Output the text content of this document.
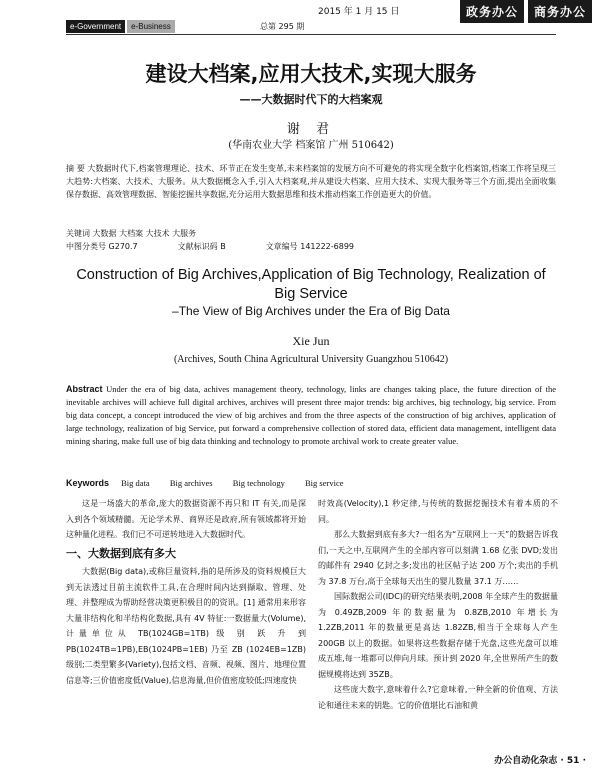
2015 年 1 月 15 日	政务办公	商务办公
e-Government	e-Business	总第 295 期
建设大档案,应用大技术,实现大服务
——大数据时代下的大档案观
谢 君
(华南农业大学 档案馆 广州 510642)
摘 要 大数据时代下,档案管理理论、技术、环节正在发生变革,未来档案馆的发展方向不可避免的将实现全数字化档案馆,档案工作将呈现三大趋势:大档案、大技术、大服务。从大数据概念入手,引入大档案观,并从建设大档案、应用大技术、实现大服务等三个方面,提出全面收集保存数据、高效管理数据、智能挖掘共享数据,充分运用大数据思维和技术推动档案工作创造更大的价值。
关键词 大数据 大档案 大技术 大服务
中图分类号 G270.7	文献标识码 B	文章编号 141222-6899
Construction of Big Archives,Application of Big Technology, Realization of Big Service
–The View of Big Archives under the Era of Big Data
Xie Jun
(Archives, South China Agricultural University Guangzhou 510642)
Abstract Under the era of big data, achives management theory, technology, links are changes taking place, the future direction of the inevitable archives will achieve full digital archives, archives will present three major trends: big archives, big technology, big service. From big data concept, a concept introduced the view of big archives and from the three aspects of the construction of big archives, application of large technology, realization of big Service, put forward a comprehensive collection of stored data, efficient data management, intelligent data mining sharing, make full use of big data thinking and technology to promote archival work to create greater value.
Keywords Big data Big archives Big technology Big service

这是一场盛大的革命,庞大的数据资源不再只和 IT 有关,而是深入到各个领域精髓。无论学术界、商界还是政府,所有领域都将开始这种量化进程。我们已不可逆转地进入大数据时代。

一、大数据到底有多大

大数据(Big data),或称巨量资料,指的是所涉及的资料规模巨大到无法透过目前主流软件工具,在合理时间内达到撷取、管理、处理、并整理成为帮助经营决策更积极目的的资讯。[1] 通常用来形容大量非结构化和半结构化数据,具有 4V 特征:一数据量大(Volume),计量单位从 TB(1024GB=1TB) 级 别 跃 升 到 PB(1024TB=1PB),EB(1024PB=1EB) 乃至 ZB (1024EB=1ZB) 级别;二类型繁多(Variety),包括文档、音频、视频、图片、地理位置信息等;三价值密度低(Value),信息海量,但价值密度较低;四速度快

时效高(Velocity),1 秒定律,与传统的数据挖掘技术有着本质的不同。

那么大数据到底有多大?一组名为“互联网上一天”的数据告诉我们,一天之中,互联网产生的全部内容可以刻满 1.68 亿张 DVD;发出的邮件有 2940 亿封之多;发出的社区帖子达 200 万个;卖出的手机为 37.8 万台,高于全球每天出生的婴儿数量 37.1 万……

国际数据公司(IDC)的研究结果表明,2008 年全球产生的数据量为 0.49ZB,2009 年的数据量为 0.8ZB,2010 年增长为 1.2ZB,2011 年的数量更是高达 1.82ZB,相当于全球每人产生 200GB 以上的数据。如果将这些数据存储于光盘,这些光盘可以堆成五堆,每一堆都可以伸向月球。预计到 2020 年,全世界所产生的数据规模将达到 35ZB。

这些庞大数字,意味着什么?它意味着,一种全新的价值观、方法论和通往未来的钥匙。它的价值堪比石油和黄

办公自动化杂志 · 51 ·
